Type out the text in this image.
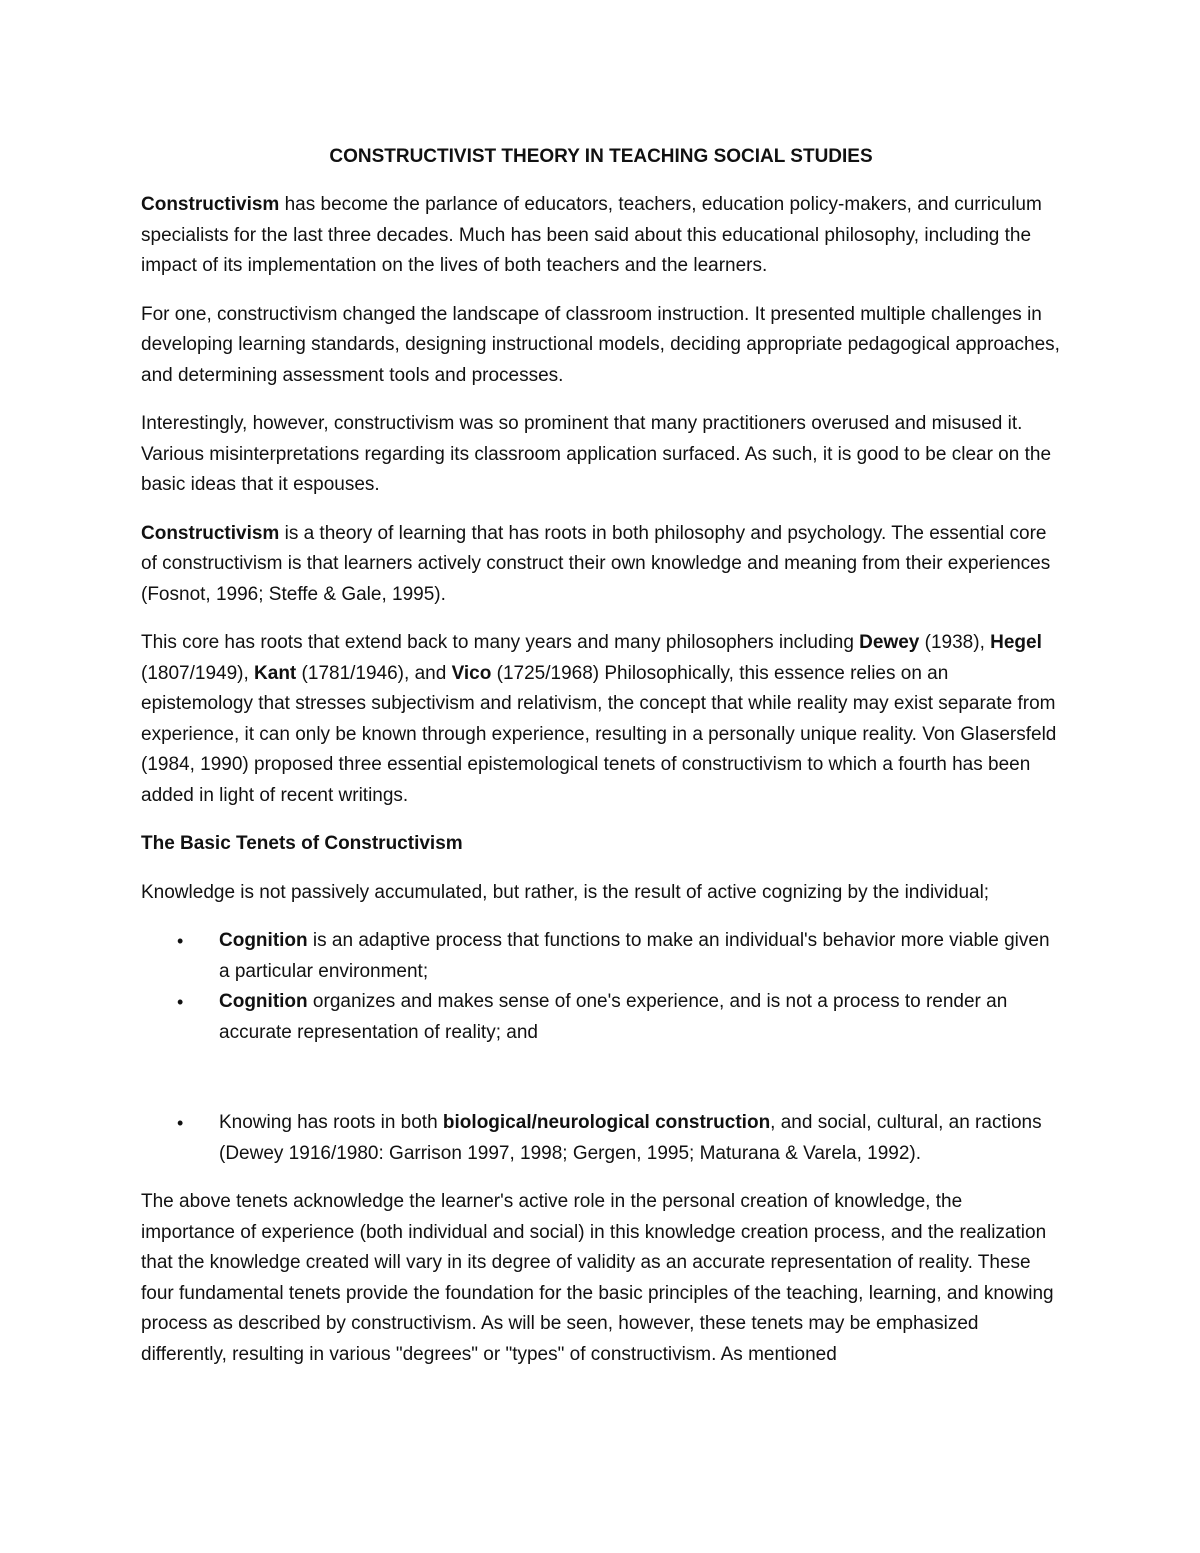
CONSTRUCTIVIST THEORY IN TEACHING SOCIAL STUDIES

Constructivism has become the parlance of educators, teachers, education policy-makers, and curriculum specialists for the last three decades. Much has been said about this educational philosophy, including the impact of its implementation on the lives of both teachers and the learners.

For one, constructivism changed the landscape of classroom instruction. It presented multiple challenges in developing learning standards, designing instructional models, deciding appropriate pedagogical approaches, and determining assessment tools and processes.

Interestingly, however, constructivism was so prominent that many practitioners overused and misused it. Various misinterpretations regarding its classroom application surfaced. As such, it is good to be clear on the basic ideas that it espouses.

Constructivism is a theory of learning that has roots in both philosophy and psychology. The essential core of constructivism is that learners actively construct their own knowledge and meaning from their experiences (Fosnot, 1996; Steffe & Gale, 1995).

This core has roots that extend back to many years and many philosophers including Dewey (1938), Hegel (1807/1949), Kant (1781/1946), and Vico (1725/1968) Philosophically, this essence relies on an epistemology that stresses subjectivism and relativism, the concept that while reality may exist separate from experience, it can only be known through experience, resulting in a personally unique reality. Von Glasersfeld (1984, 1990) proposed three essential epistemological tenets of constructivism to which a fourth has been added in light of recent writings.

The Basic Tenets of Constructivism

Knowledge is not passively accumulated, but rather, is the result of active cognizing by the individual;

• Cognition is an adaptive process that functions to make an individual's behavior more viable given a particular environment;
• Cognition organizes and makes sense of one's experience, and is not a process to render an accurate representation of reality; and
• Knowing has roots in both biological/neurological construction, and social, cultural, an ractions (Dewey 1916/1980: Garrison 1997, 1998; Gergen, 1995; Maturana & Varela, 1992).

The above tenets acknowledge the learner's active role in the personal creation of knowledge, the importance of experience (both individual and social) in this knowledge creation process, and the realization that the knowledge created will vary in its degree of validity as an accurate representation of reality. These four fundamental tenets provide the foundation for the basic principles of the teaching, learning, and knowing process as described by constructivism. As will be seen, however, these tenets may be emphasized differently, resulting in various "degrees" or "types" of constructivism. As mentioned
